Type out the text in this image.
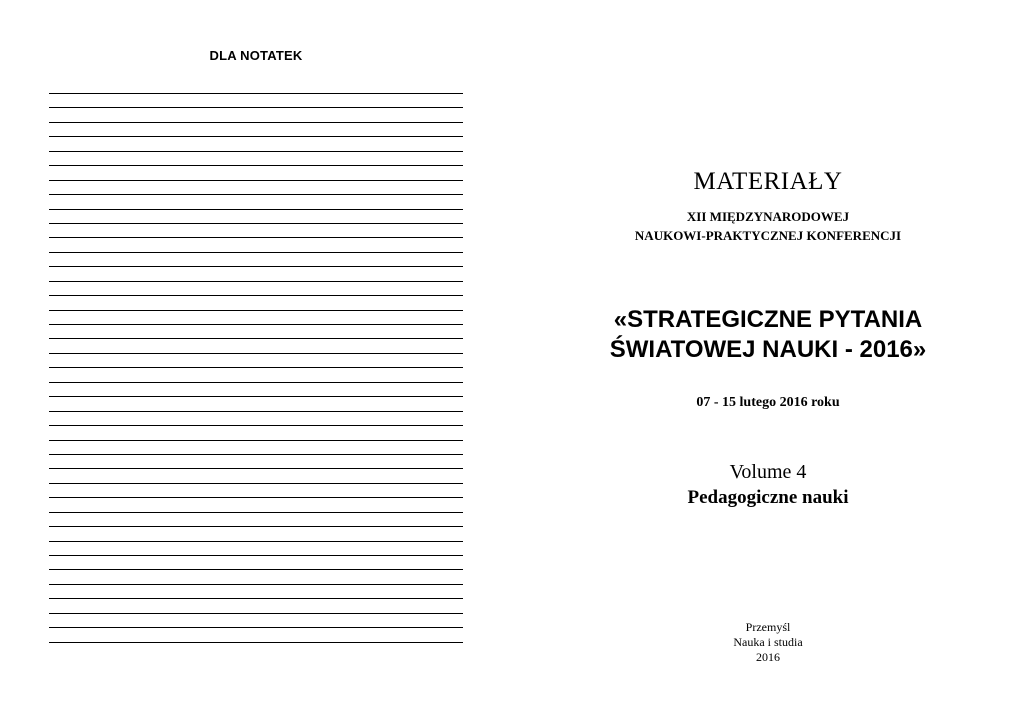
DLA NOTATEK
MATERIAŁY
XII MIĘDZYNARODOWEJ
NAUKOWI-PRAKTYCZNEJ KONFERENCJI
«STRATEGICZNE PYTANIA
ŚWIATOWEJ NAUKI - 2016»
07 - 15 lutego 2016 roku
Volume 4
Pedagogiczne nauki
Przemyśl
Nauka i studia
2016
